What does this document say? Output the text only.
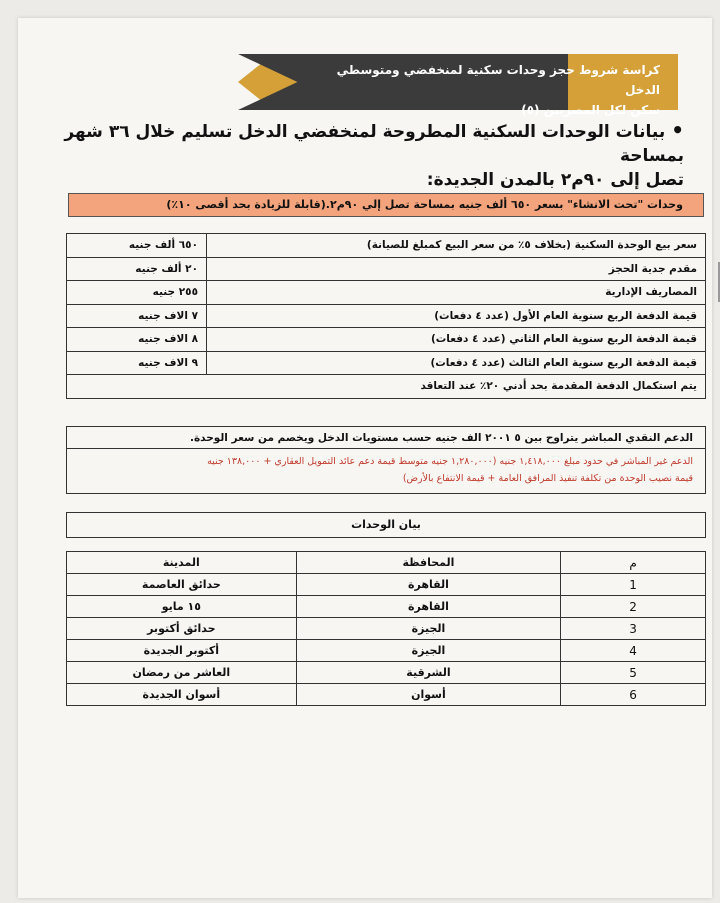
كراسة شروط حجز وحدات سكنية لمنخفضي ومتوسطي الدخل
سكن لكل المصريين (٥)
•بيانات الوحدات السكنية المطروحة لمنخفضي الدخل تسليم خلال ٣٦ شهر بمساحة
تصل إلى ٩٠م٢ بالمدن الجديدة:
وحدات "تحت الانشاء" بسعر ٦٥٠ ألف جنيه بمساحة تصل إلي ٩٠م٢.(قابلة للزيادة بحد أقصى ١٠٪)
سعر بيع الوحدة السكنية (بخلاف ٥٪ من سعر البيع كمبلغ للصيانة)	٦٥٠ ألف جنيه
مقدم جدية الحجز	٢٠ ألف جنيه
المصاريف الإدارية	٢٥٥ جنيه
قيمة الدفعة الربع سنوية العام الأول (عدد ٤ دفعات)	٧ الاف جنيه
قيمة الدفعة الربع سنوية العام الثاني (عدد ٤ دفعات)	٨ الاف جنيه
قيمة الدفعة الربع سنوية العام الثالث (عدد ٤ دفعات)	٩ الاف جنيه
يتم استكمال الدفعة المقدمة بحد أدني ٢٠٪ عند التعاقد	
الدعم النقدي المباشر يتراوح بين ٥ ٢٠٠١ الف جنيه حسب مستويات الدخل ويخصم من سعر الوحدة.
الدعم غير المباشر في حدود مبلغ ١,٤١٨,٠٠٠ جنيه (١,٢٨٠,٠٠٠ جنيه متوسط قيمة دعم عائد التمويل العقاري + ١٣٨,٠٠٠ جنيه
قيمة نصيب الوحدة من تكلفة تنفيذ المرافق العامة + قيمة الانتفاع بالأرض)
بيان الوحدات
م	المحافظة	المدينة
1	القاهرة	حدائق العاصمة
2	القاهرة	١٥ مايو
3	الجيزة	حدائق أكتوبر
4	الجيزة	أكتوبر الجديدة
5	الشرقية	العاشر من رمضان
6	أسوان	أسوان الجديدة
